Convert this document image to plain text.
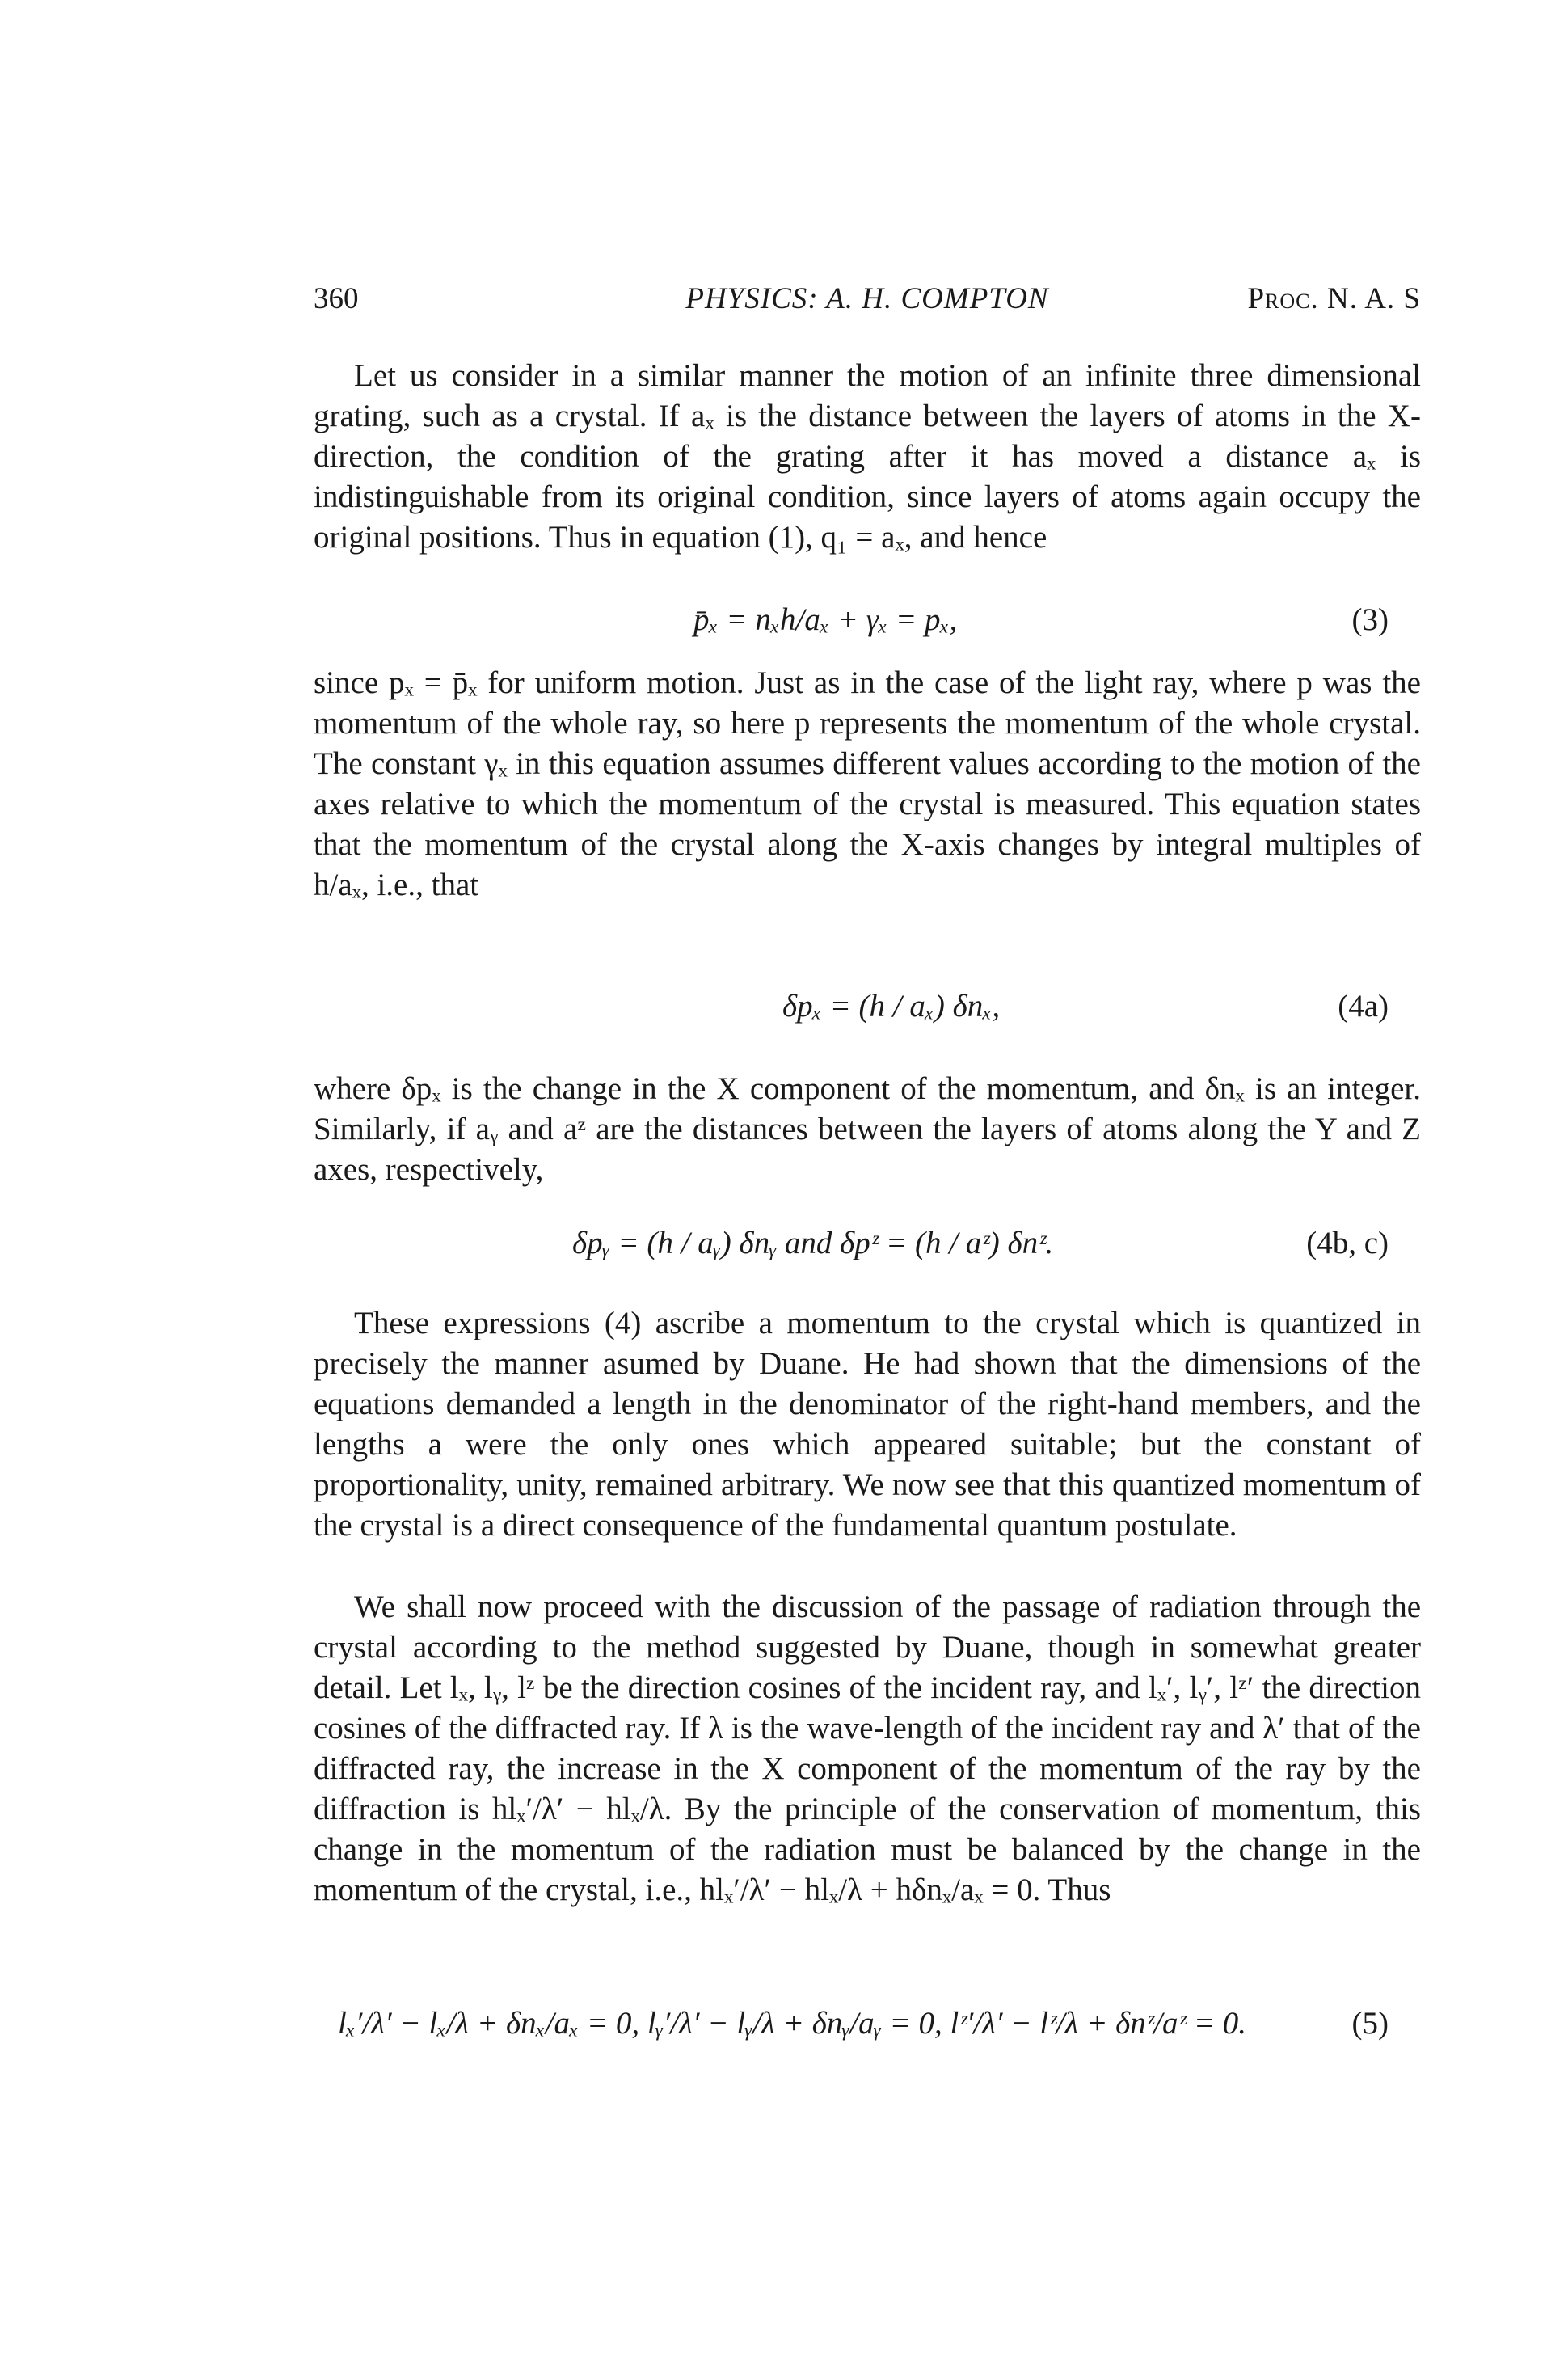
360	PHYSICS: A. H. COMPTON	Proc. N. A. S

Let us consider in a similar manner the motion of an infinite three dimensional grating, such as a crystal. If aₓ is the distance between the layers of atoms in the X-direction, the condition of the grating after it has moved a distance aₓ is indistinguishable from its original condition, since layers of atoms again occupy the original positions. Thus in equation (1), q₁ = aₓ, and hence

p̄ₓ = nₓh/aₓ + γₓ = pₓ,	(3)

since pₓ = p̄ₓ for uniform motion. Just as in the case of the light ray, where p was the momentum of the whole ray, so here p represents the momentum of the whole crystal. The constant γₓ in this equation assumes different values according to the motion of the axes relative to which the momentum of the crystal is measured. This equation states that the momentum of the crystal along the X-axis changes by integral multiples of h/aₓ, i.e., that

δpₓ = (h / aₓ) δnₓ,	(4a)

where δpₓ is the change in the X component of the momentum, and δnₓ is an integer. Similarly, if aᵧ and aᶻ are the distances between the layers of atoms along the Y and Z axes, respectively,

δpᵧ = (h / aᵧ) δnᵧ and δpᶻ = (h / aᶻ) δnᶻ.	(4b, c)

These expressions (4) ascribe a momentum to the crystal which is quantized in precisely the manner asumed by Duane. He had shown that the dimensions of the equations demanded a length in the denominator of the right-hand members, and the lengths a were the only ones which appeared suitable; but the constant of proportionality, unity, remained arbitrary. We now see that this quantized momentum of the crystal is a direct consequence of the fundamental quantum postulate.

We shall now proceed with the discussion of the passage of radiation through the crystal according to the method suggested by Duane, though in somewhat greater detail. Let lₓ, lᵧ, lᶻ be the direction cosines of the incident ray, and lₓ′, lᵧ′, lᶻ′ the direction cosines of the diffracted ray. If λ is the wave-length of the incident ray and λ′ that of the diffracted ray, the increase in the X component of the momentum of the ray by the diffraction is hlₓ′/λ′ − hlₓ/λ. By the principle of the conservation of momentum, this change in the momentum of the radiation must be balanced by the change in the momentum of the crystal, i.e., hlₓ′/λ′ − hlₓ/λ + hδnₓ/aₓ = 0. Thus

lₓ′/λ′ − lₓ/λ + δnₓ/aₓ = 0, lᵧ′/λ′ − lᵧ/λ + δnᵧ/aᵧ = 0, lᶻ′/λ′ − lᶻ/λ + δnᶻ/aᶻ = 0.	(5)
